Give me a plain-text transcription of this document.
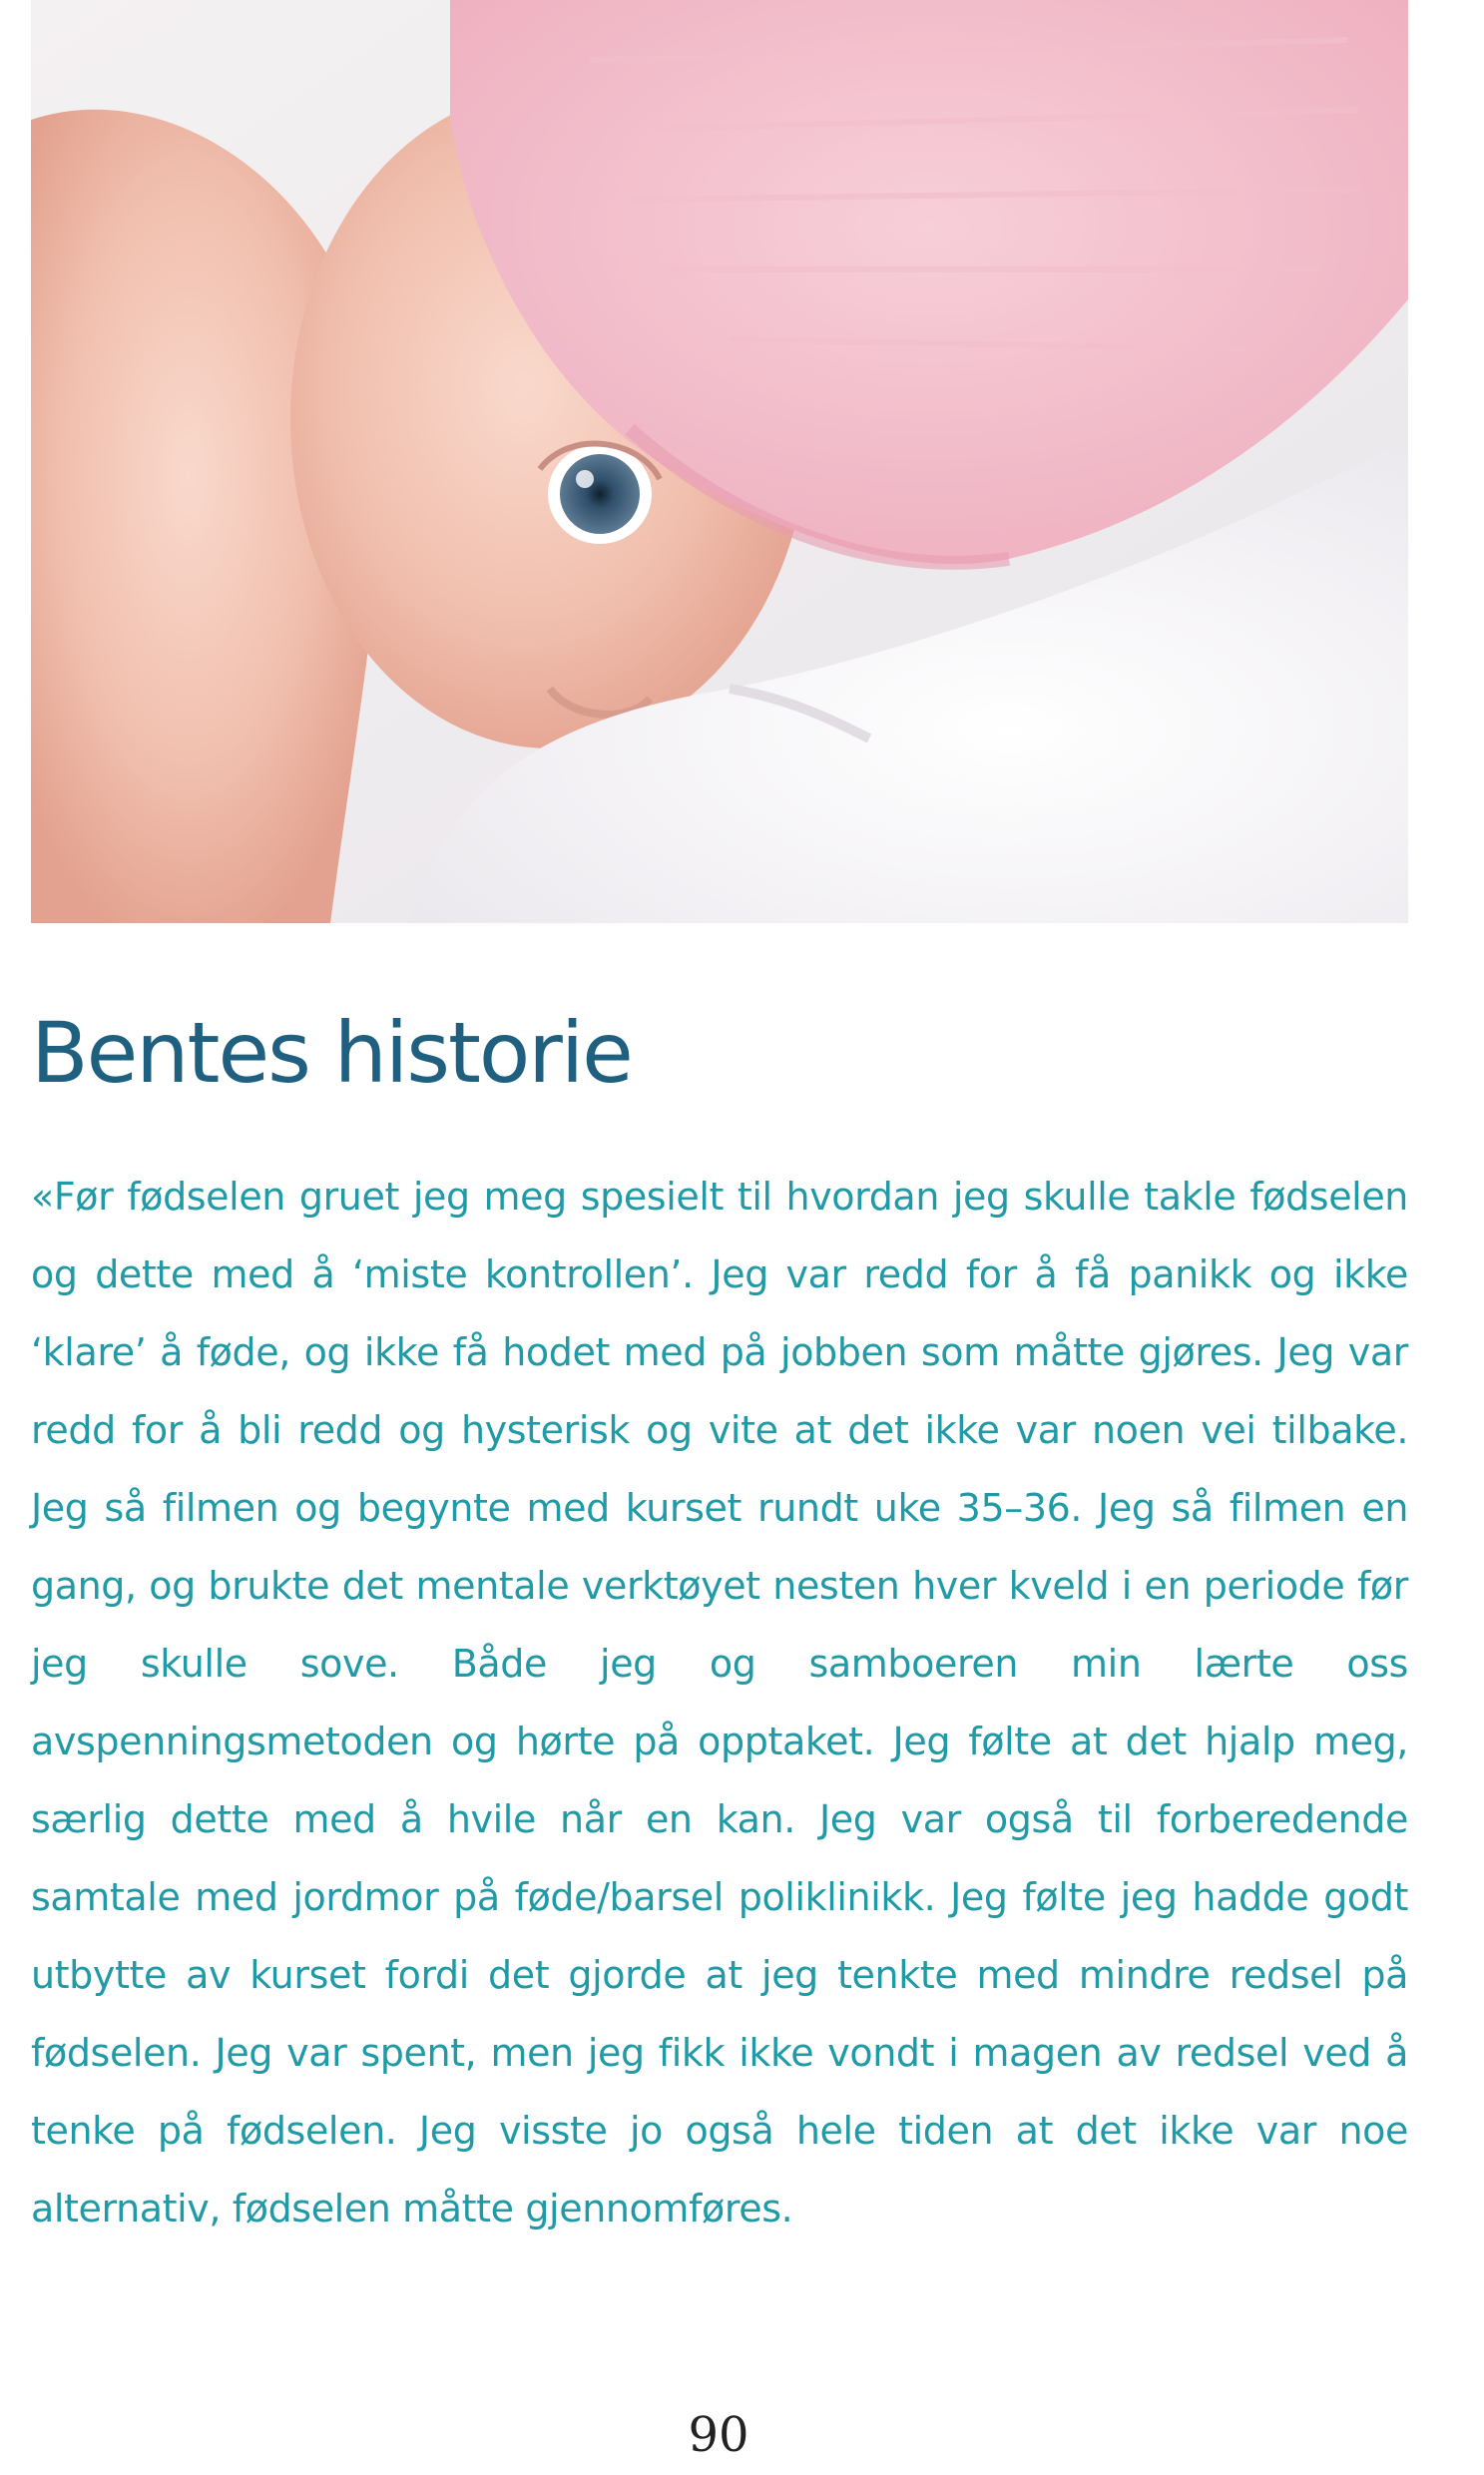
Bentes historie

«Før fødselen gruet jeg meg spesielt til hvordan jeg skulle takle fødselen og dette med å ‘miste kontrollen’. Jeg var redd for å få panikk og ikke ‘klare’ å føde, og ikke få hodet med på jobben som måtte gjøres. Jeg var redd for å bli redd og hysterisk og vite at det ikke var noen vei tilbake. Jeg så filmen og begynte med kurset rundt uke 35–36. Jeg så filmen en gang, og brukte det mentale verktøyet nesten hver kveld i en periode før jeg skulle sove. Både jeg og samboeren min lærte oss avspenningsmetoden og hørte på opptaket. Jeg følte at det hjalp meg, særlig dette med å hvile når en kan. Jeg var også til forberedende samtale med jordmor på føde/barsel poliklinikk. Jeg følte jeg hadde godt utbytte av kurset fordi det gjorde at jeg tenkte med mindre redsel på fødselen. Jeg var spent, men jeg fikk ikke vondt i magen av redsel ved å tenke på fødselen. Jeg visste jo også hele tiden at det ikke var noe alternativ, fødselen måtte gjennomføres.

90
